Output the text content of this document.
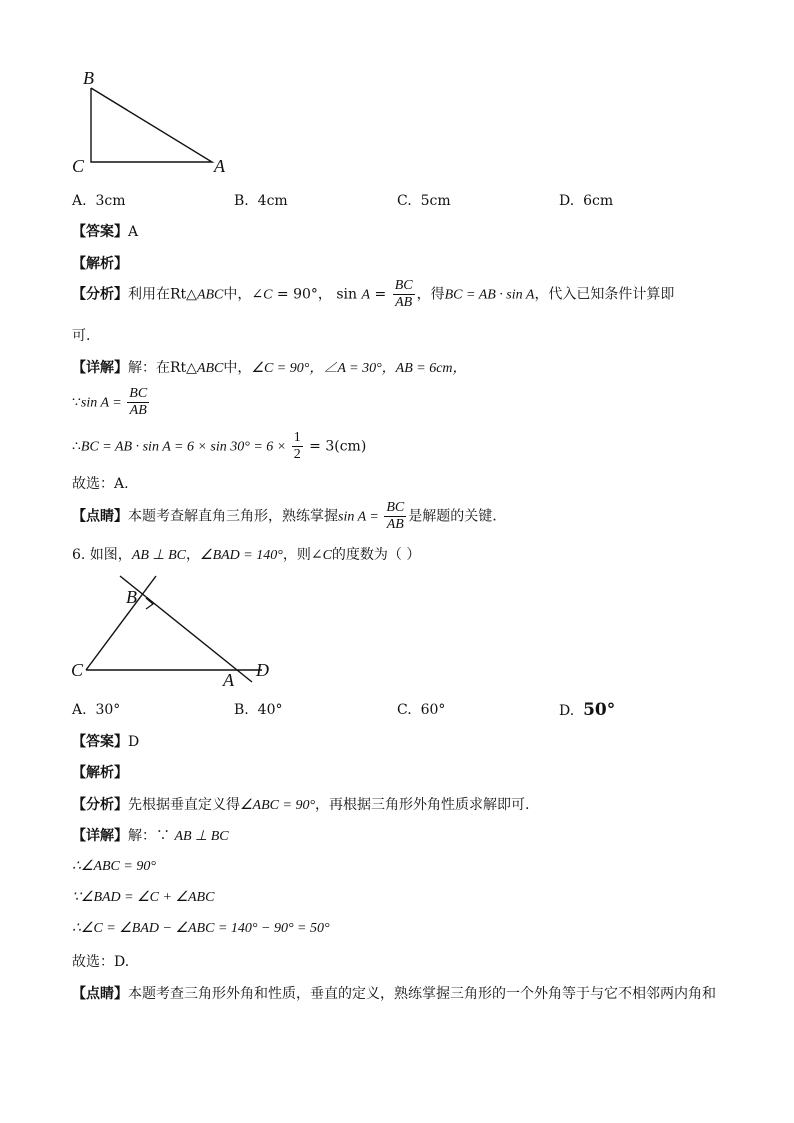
B
C	A
A. 3cm	B. 4cm	C. 5cm	D. 6cm
【答案】A
【解析】
【分析】利用在Rt△ABC中，∠C = 90°， $\sin A = \frac{BC}{AB}$ ，得BC = AB · sin A，代入已知条件计算即
可.
【详解】解：在Rt△ABC中，∠C = 90°，∠A = 30°，AB = 6cm，
∵sin $A = \frac{BC}{AB}$
∴BC = AB · $\sin A = 6 \times \sin 30^\circ = 6 \times \frac{1}{2} = 3(cm)$
故选：A.
【点睛】本题考查解直角三角形，熟练掌握$\sin A = \frac{BC}{AB}$ 是解题的关键.
6. 如图，AB ⊥ BC，∠BAD = 140°，则∠C的度数为（ ）
B
C	A D
A. 30°	B. 40°	C. 60°	D. 50°
【答案】D
【解析】
【分析】先根据垂直定义得∠ABC = 90°，再根据三角形外角性质求解即可.
【详解】解：∵ AB ⊥ BC
∴∠ABC = 90°
∵∠BAD = ∠C + ∠ABC
∴∠C = ∠BAD − ∠ABC = 140° − 90° = 50°
故选：D.
【点睛】本题考查三角形外角和性质，垂直的定义，熟练掌握三角形的一个外角等于与它不相邻两内角和
